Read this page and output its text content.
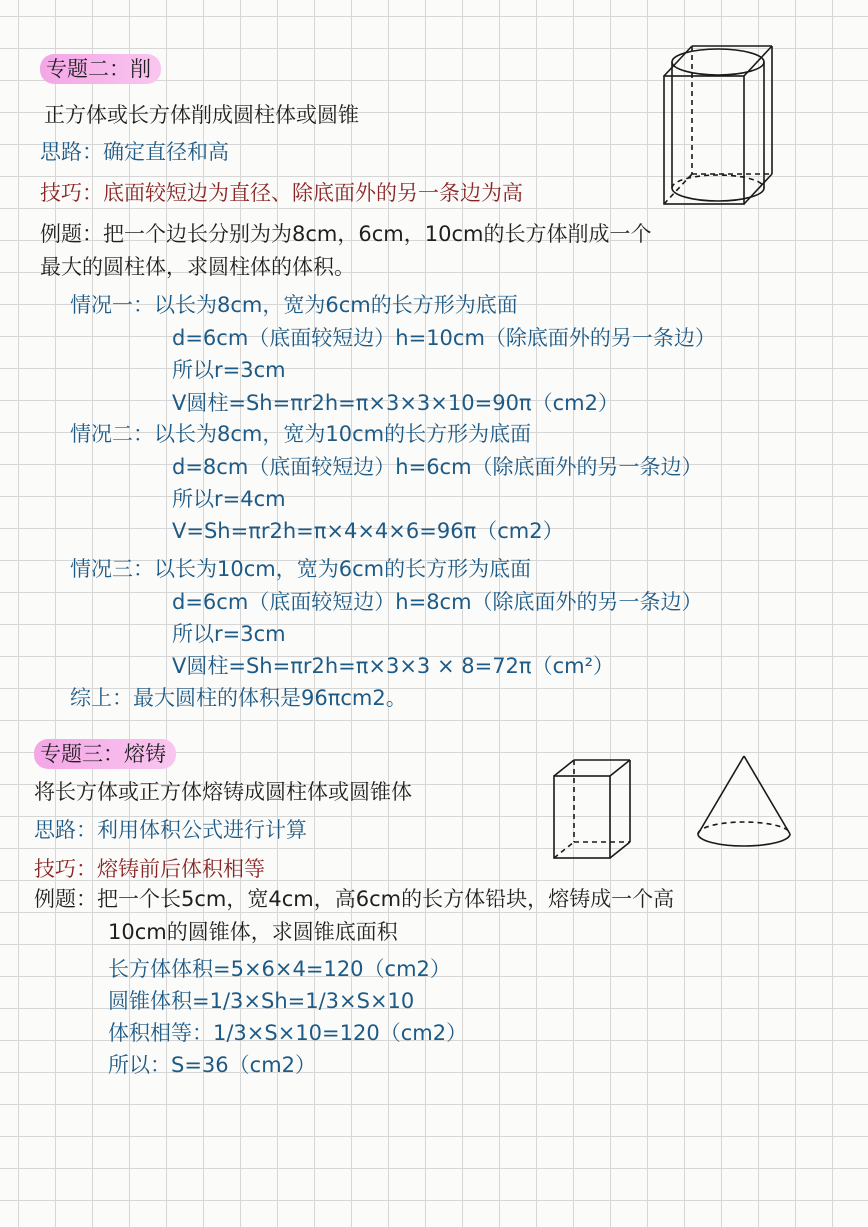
专题二：削
正方体或长方体削成圆柱体或圆锥
思路：确定直径和高
技巧：底面较短边为直径、除底面外的另一条边为高
例题：把一个边长分别为为8cm，6cm，10cm的长方体削成一个
最大的圆柱体，求圆柱体的体积。
情况一：以长为8cm，宽为6cm的长方形为底面
d=6cm（底面较短边）h=10cm（除底面外的另一条边）
所以r=3cm
V圆柱=Sh=πr2h=π×3×3×10=90π（cm2）
情况二：以长为8cm，宽为10cm的长方形为底面
d=8cm（底面较短边）h=6cm（除底面外的另一条边）
所以r=4cm
V=Sh=πr2h=π×4×4×6=96π（cm2）
情况三：以长为10cm，宽为6cm的长方形为底面
d=6cm（底面较短边）h=8cm（除底面外的另一条边）
所以r=3cm
V圆柱=Sh=πr2h=π×3×3 × 8=72π（cm²）
综上：最大圆柱的体积是96πcm2。
专题三：熔铸
将长方体或正方体熔铸成圆柱体或圆锥体
思路：利用体积公式进行计算
技巧：熔铸前后体积相等
例题：把一个长5cm，宽4cm，高6cm的长方体铅块，熔铸成一个高
10cm的圆锥体，求圆锥底面积
长方体体积=5×6×4=120（cm2）
圆锥体积=1/3×Sh=1/3×S×10
体积相等：1/3×S×10=120（cm2）
所以：S=36（cm2）
